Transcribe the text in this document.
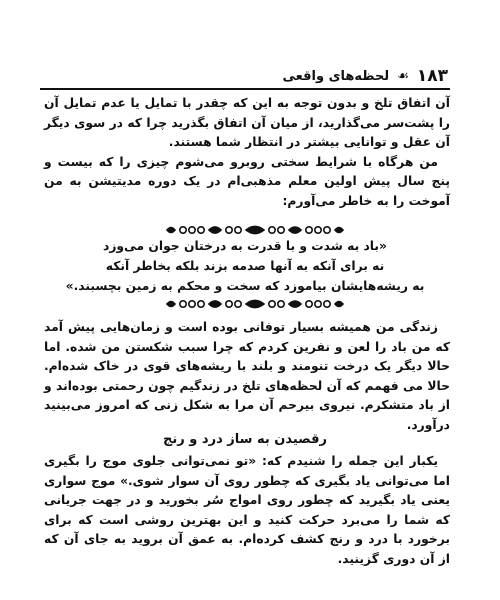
۱۸۳
☙
لحظه‌های واقعی

آن اتفاق تلخ و بدون توجه به این که چقدر با تمایل یا عدم تمایل آن را پشت‌سر می‌گذارید، از میان آن اتفاق بگذرید چرا که در سوی دیگر آن عقل و توانایی بیشتر در انتظار شما هستند.

من هرگاه با شرایط سختی روبرو می‌شوم چیزی را که بیست و پنج سال پیش اولین معلم مذهبی‌ام در یک دوره مدیتیشن به من آموخت را به خاطر می‌آورم:

«باد به شدت و با قدرت به درختان جوان می‌وزد
نه برای آنکه به آنها صدمه بزند بلکه بخاطر آنکه
به ریشه‌هایشان بیاموزد که سخت و محکم به زمین بچسبند.»

زندگی من همیشه بسیار توفانی بوده است و زمان‌هایی پیش آمد که من باد را لعن و نفرین کردم که چرا سبب شکستن من شده. اما حالا دیگر یک درخت تنومند و بلند با ریشه‌های قوی در خاک شده‌ام. حالا می فهمم که آن لحظه‌های تلخ در زندگیم چون رحمتی بوده‌اند و از باد متشکرم. نیروی بیرحم آن مرا به شکل زنی که امروز می‌بینید درآورد.

رقصیدن به ساز درد و رنج

یکبار این جمله را شنیدم که: «تو نمی‌توانی جلوی موج را بگیری اما می‌توانی یاد بگیری که چطور روی آن سوار شوی.» موج سواری یعنی یاد بگیرید که چطور روی امواج سُر بخورید و در جهت جریانی که شما را می‌برد حرکت کنید و این بهترین روشی است که برای برخورد با درد و رنج کشف کرده‌ام. به عمق آن بروید به جای آن که از آن دوری گزینید.
